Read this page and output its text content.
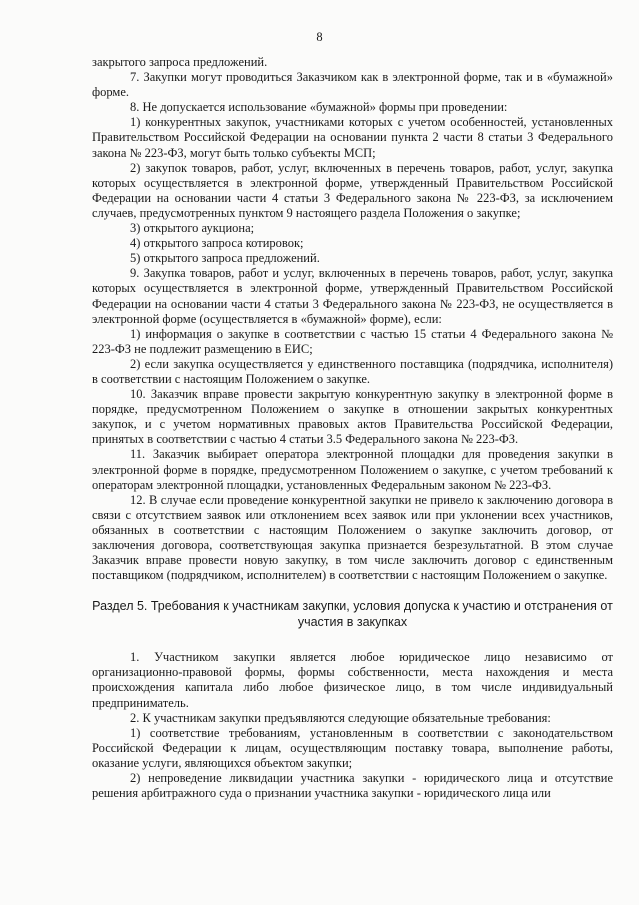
8
закрытого запроса предложений.
7. Закупки могут проводиться Заказчиком как в электронной форме, так и в «бумажной» форме.
8. Не допускается использование «бумажной» формы при проведении:
1) конкурентных закупок, участниками которых с учетом особенностей, установленных Правительством Российской Федерации на основании пункта 2 части 8 статьи 3 Федерального закона № 223-ФЗ, могут быть только субъекты МСП;
2) закупок товаров, работ, услуг, включенных в перечень товаров, работ, услуг, закупка которых осуществляется в электронной форме, утвержденный Правительством Российской Федерации на основании части 4 статьи 3 Федерального закона № 223-ФЗ, за исключением случаев, предусмотренных пунктом 9 настоящего раздела Положения о закупке;
3) открытого аукциона;
4) открытого запроса котировок;
5) открытого запроса предложений.
9. Закупка товаров, работ и услуг, включенных в перечень товаров, работ, услуг, закупка которых осуществляется в электронной форме, утвержденный Правительством Российской Федерации на основании части 4 статьи 3 Федерального закона № 223-ФЗ, не осуществляется в электронной форме (осуществляется в «бумажной» форме), если:
1) информация о закупке в соответствии с частью 15 статьи 4 Федерального закона № 223-ФЗ не подлежит размещению в ЕИС;
2) если закупка осуществляется у единственного поставщика (подрядчика, исполнителя) в соответствии с настоящим Положением о закупке.
10. Заказчик вправе провести закрытую конкурентную закупку в электронной форме в порядке, предусмотренном Положением о закупке в отношении закрытых конкурентных закупок, и с учетом нормативных правовых актов Правительства Российской Федерации, принятых в соответствии с частью 4 статьи 3.5 Федерального закона № 223-ФЗ.
11. Заказчик выбирает оператора электронной площадки для проведения закупки в электронной форме в порядке, предусмотренном Положением о закупке, с учетом требований к операторам электронной площадки, установленных Федеральным законом № 223-ФЗ.
12. В случае если проведение конкурентной закупки не привело к заключению договора в связи с отсутствием заявок или отклонением всех заявок или при уклонении всех участников, обязанных в соответствии с настоящим Положением о закупке заключить договор, от заключения договора, соответствующая закупка признается безрезультатной. В этом случае Заказчик вправе провести новую закупку, в том числе заключить договор с единственным поставщиком (подрядчиком, исполнителем) в соответствии с настоящим Положением о закупке.
Раздел 5. Требования к участникам закупки, условия допуска к участию и отстранения от участия в закупках
1. Участником закупки является любое юридическое лицо независимо от организационно-правовой формы, формы собственности, места нахождения и места происхождения капитала либо любое физическое лицо, в том числе индивидуальный предприниматель.
2. К участникам закупки предъявляются следующие обязательные требования:
1) соответствие требованиям, установленным в соответствии с законодательством Российской Федерации к лицам, осуществляющим поставку товара, выполнение работы, оказание услуги, являющихся объектом закупки;
2) непроведение ликвидации участника закупки - юридического лица и отсутствие решения арбитражного суда о признании участника закупки - юридического лица или
